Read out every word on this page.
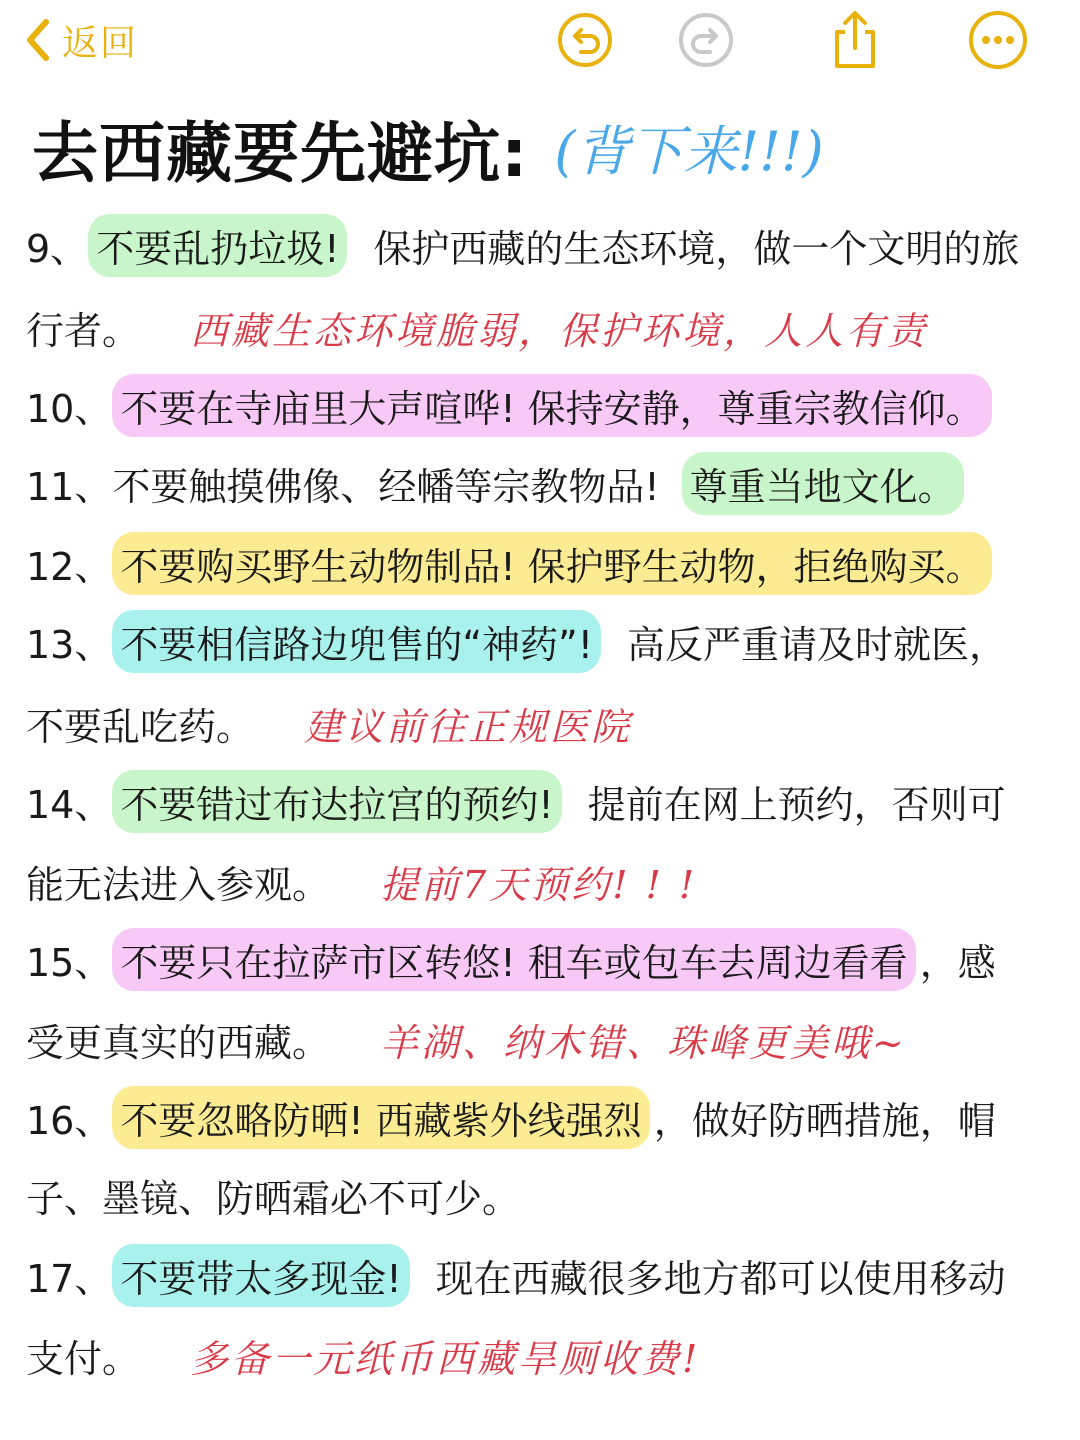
返回
去西藏要先避坑: (背下来!!!)
9、 不要乱扔垃圾! 保护西藏的生态环境，做一个文明的旅
行者。 西藏生态环境脆弱，保护环境，人人有责
10、 不要在寺庙里大声喧哗! 保持安静，尊重宗教信仰。
11、 不要触摸佛像、经幡等宗教物品! 尊重当地文化。
12、 不要购买野生动物制品! 保护野生动物，拒绝购买。
13、 不要相信路边兜售的“神药”! 高反严重请及时就医，
不要乱吃药。 建议前往正规医院
14、 不要错过布达拉宫的预约! 提前在网上预约，否则可
能无法进入参观。 提前7天预约! ! !
15、 不要只在拉萨市区转悠! 租车或包车去周边看看 ，感
受更真实的西藏。 羊湖、纳木错、珠峰更美哦~
16、 不要忽略防晒! 西藏紫外线强烈 ，做好防晒措施，帽
子、墨镜、防晒霜必不可少。
17、 不要带太多现金! 现在西藏很多地方都可以使用移动
支付。 多备一元纸币西藏旱厕收费!
